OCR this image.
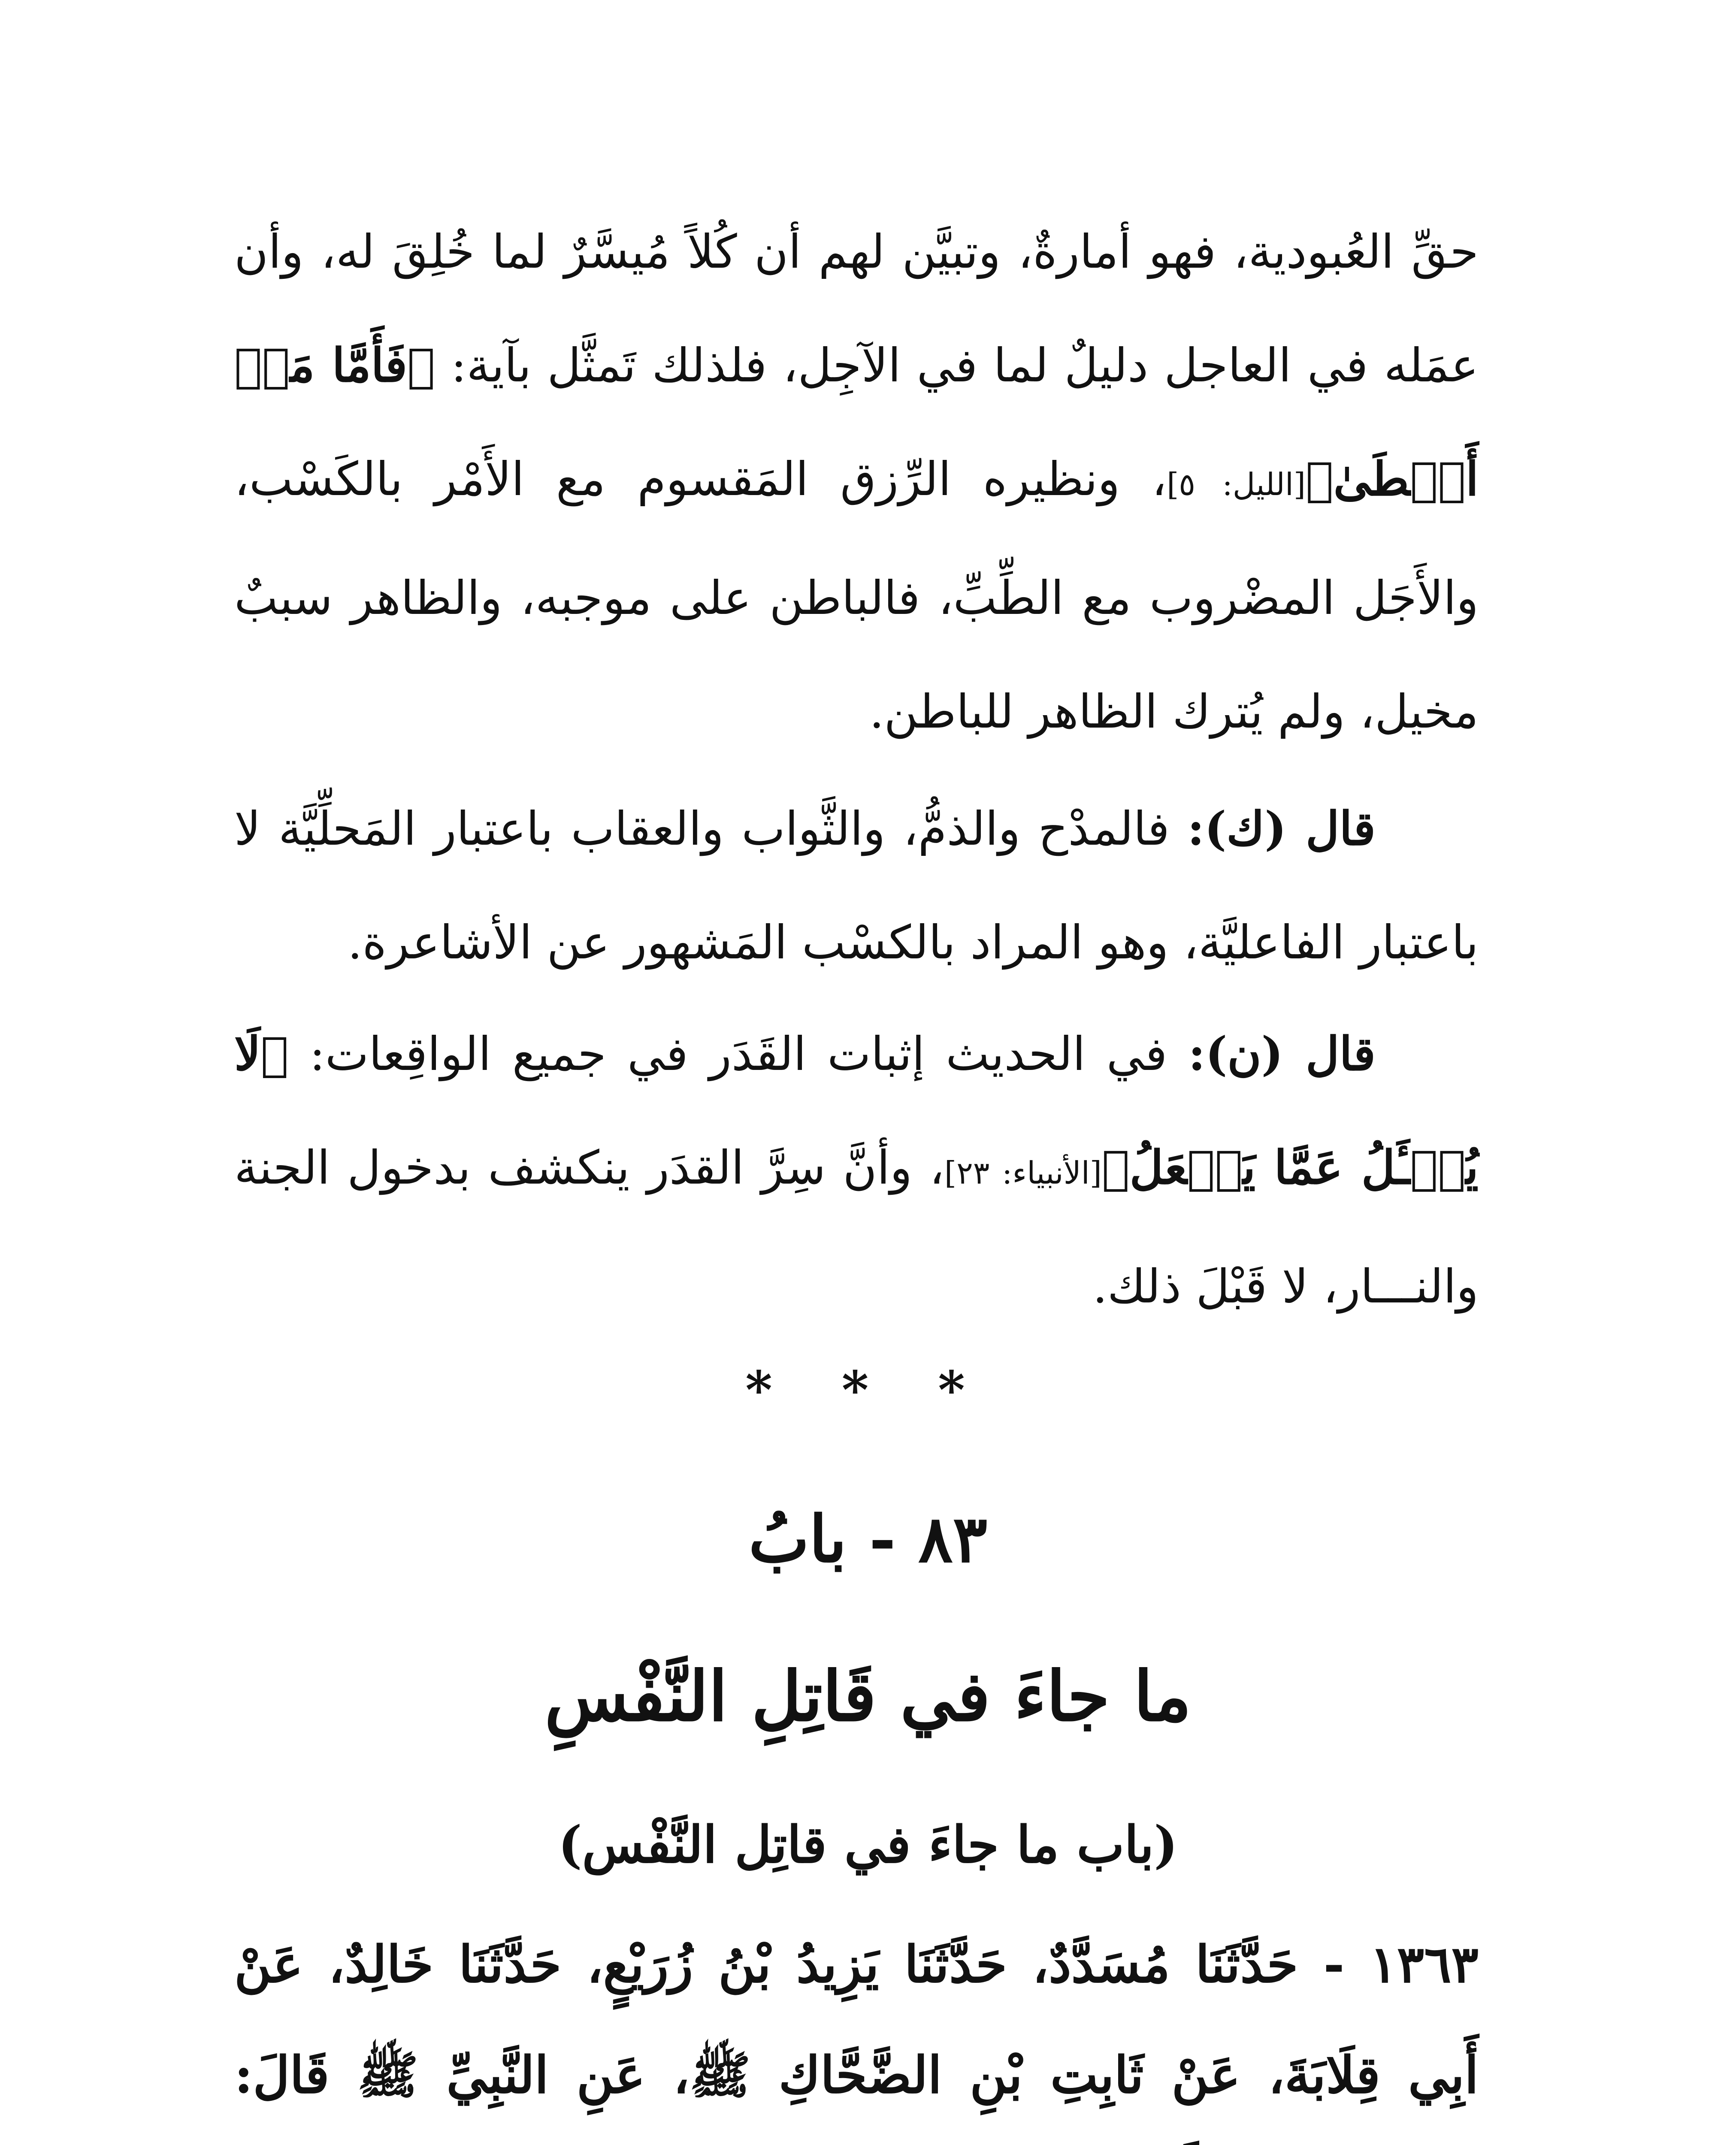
حقِّ العُبودية، فهو أمارةٌ، وتبيَّن لهم أن كُلاً مُيسَّرٌ لما خُلِقَ له، وأن عمَله في العاجل دليلٌ لما في الآجِل، فلذلك تَمثَّل بآية: ﴿فَأَمَّا مَنۡ أَعۡطَىٰ﴾[الليل: ٥]، ونظيره الرِّزق المَقسوم مع الأَمْر بالكَسْب، والأَجَل المضْروب مع الطِّبِّ، فالباطن على موجبه، والظاهر سببٌ مخيل، ولم يُترك الظاهر للباطن.

قال (ك): فالمدْح والذمُّ، والثَّواب والعقاب باعتبار المَحلِّيَّة لا باعتبار الفاعليَّة، وهو المراد بالكسْب المَشهور عن الأشاعرة.

قال (ن): في الحديث إثبات القَدَر في جميع الواقِعات: ﴿لَا يُسۡـَٔلُ عَمَّا يَفۡعَلُ﴾[الأنبياء: ٢٣]، وأنَّ سِرَّ القدَر ينكشف بدخول الجنة والنـــار، لا قَبْلَ ذلك.

* * *
٨٣ - بابُ
ما جاءَ في قَاتِلِ النَّفْسِ
(باب ما جاءَ في قاتِل النَّفْس)
١٣٦٣ - حَدَّثَنَا مُسَدَّدٌ، حَدَّثَنَا يَزِيدُ بْنُ زُرَيْعٍ، حَدَّثَنَا خَالِدٌ، عَنْ أَبِي قِلَابَةَ، عَنْ ثَابِتِ بْنِ الضَّحَّاكِ ﷺ، عَنِ النَّبِيِّ ﷺ قَالَ:
